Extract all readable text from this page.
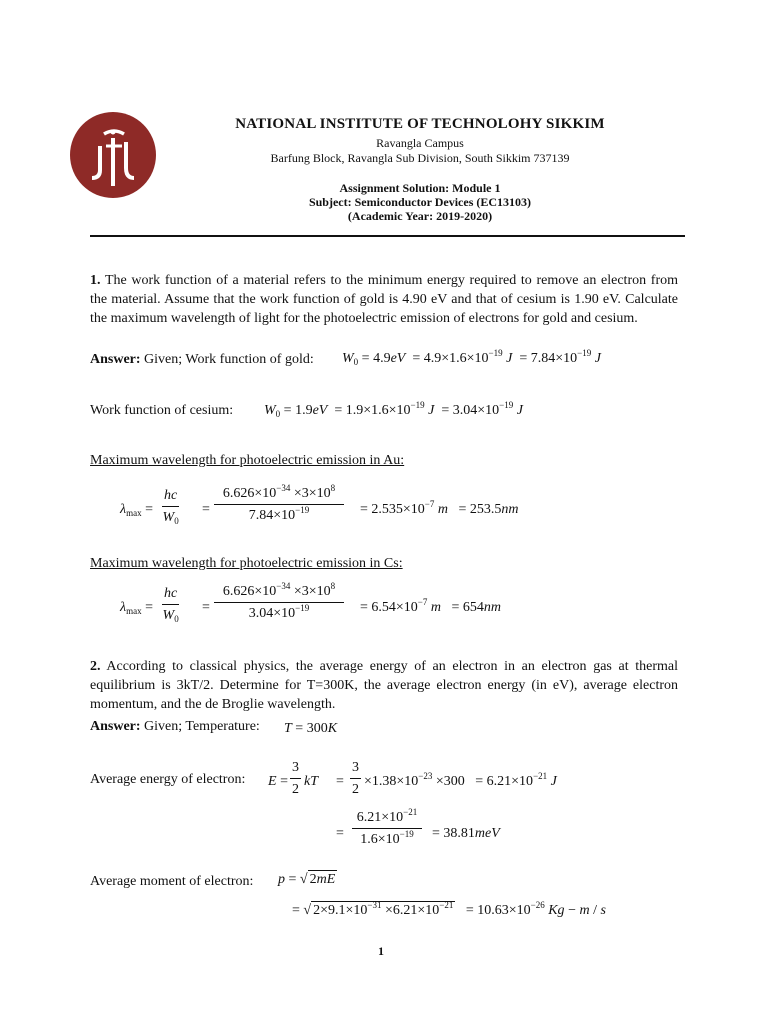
NATIONAL INSTITUTE OF TECHNOLOHY SIKKIM
Ravangla Campus
Barfung Block, Ravangla Sub Division, South Sikkim 737139
Assignment Solution: Module 1
Subject: Semiconductor Devices (EC13103)
(Academic Year: 2019-2020)
1. The work function of a material refers to the minimum energy required to remove an electron from the material. Assume that the work function of gold is 4.90 eV and that of cesium is 1.90 eV. Calculate the maximum wavelength of light for the photoelectric emission of electrons for gold and cesium.
Answer: Given; Work function of gold: $W_0 = 4.9eV = 4.9\times 1.6\times 10^{-19}$ $J = 7.84\times 10^{-19}$ J
Work function of cesium: $W_0 = 1.9eV = 1.9\times 1.6\times 10^{-19}$ $J = 3.04\times 10^{-19}$ J
Maximum wavelength for photoelectric emission in Au:
$\lambda_{max} = \frac{hc}{W_0} = \frac{6.626\times 10^{-34} \times 3\times 10^8}{7.84\times 10^{-19}} = 2.535\times 10^{-7}$ m   = 253.5nm
Maximum wavelength for photoelectric emission in Cs:
$\lambda_{max} = \frac{hc}{W_0} = \frac{6.626\times 10^{-34} \times 3\times 10^8}{3.04\times 10^{-19}} = 6.54\times 10^{-7}$ m   = 654nm
2. According to classical physics, the average energy of an electron in an electron gas at thermal equilibrium is 3kT/2. Determine for T=300K, the average electron energy (in eV), average electron momentum, and the de Broglie wavelength.
Answer: Given; Temperature: T = 300K
Average energy of electron: $E = \frac{3}{2}$ kT = $\frac{3}{2} \times 1.38\times 10^{-23} \times 300 = 6.21\times 10^{-21}$ J
= $\frac{6.21\times 10^{-21}}{1.6\times 10^{-19}} = 38.81meV$
Average moment of electron: p = √ 2mE
= √ $2\times 9.1\times 10^{-31} \times 6.21\times 10^{-21} = 10.63\times 10^{-26}$ Kg − m / s
1
